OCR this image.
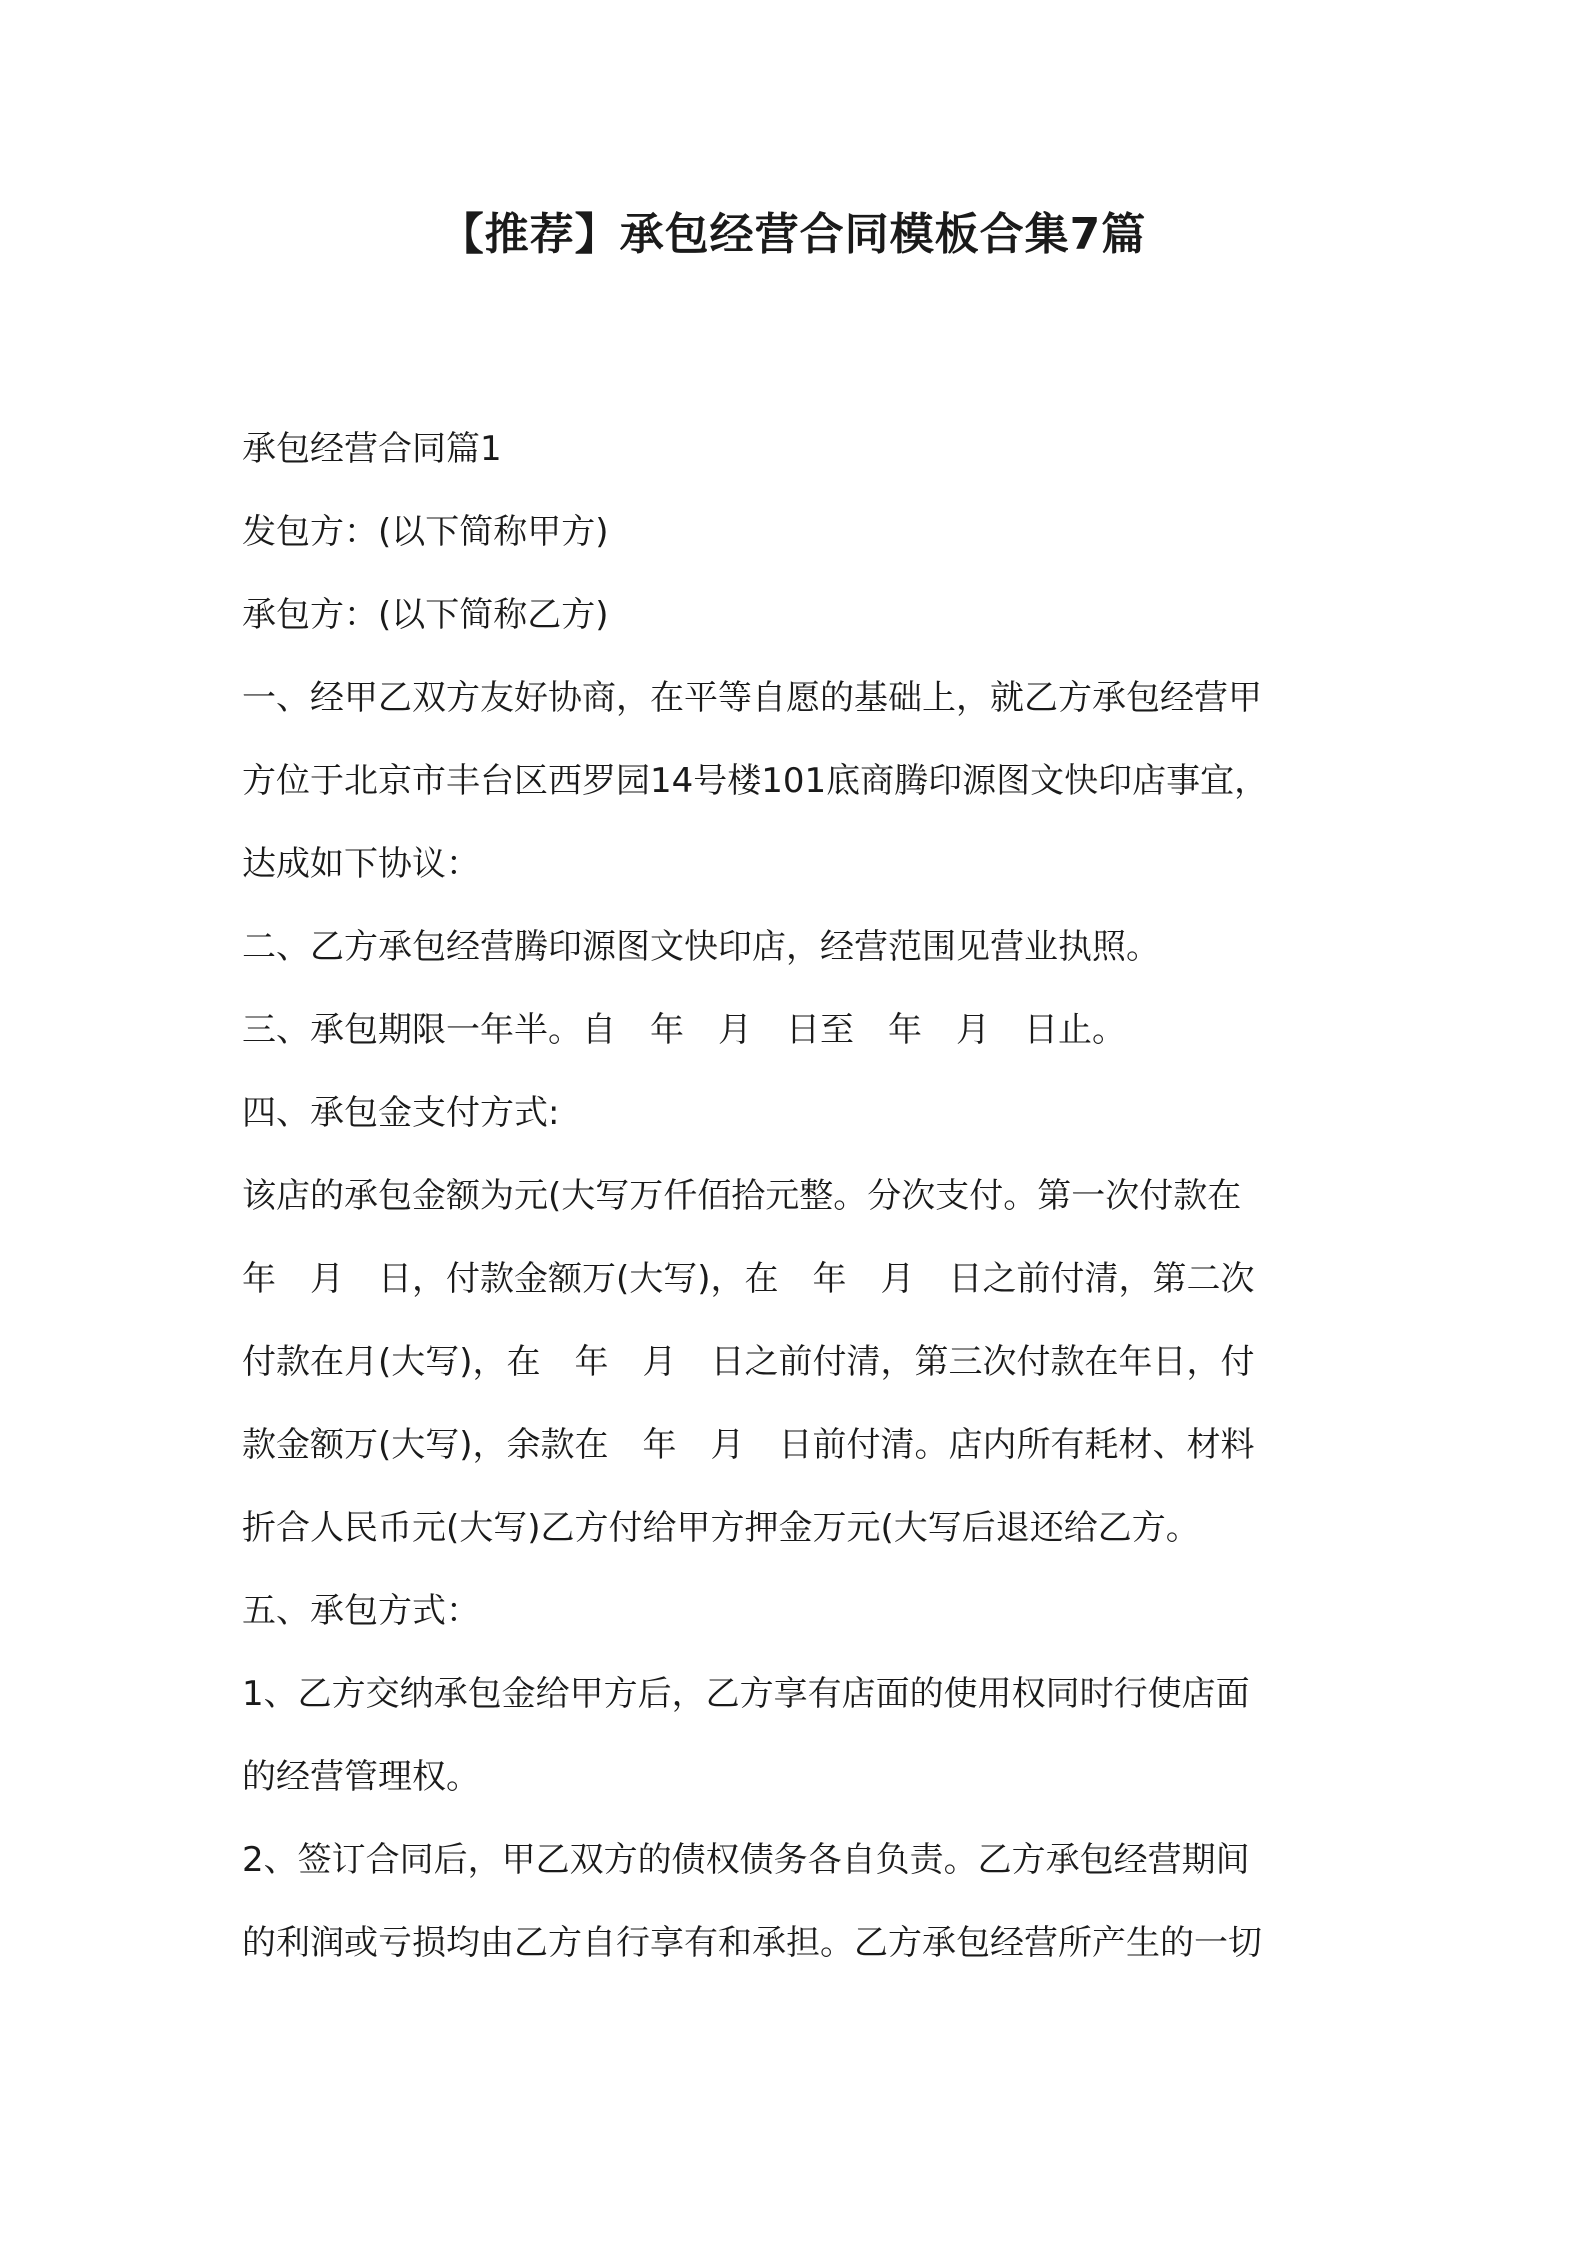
【推荐】承包经营合同模板合集7篇

承包经营合同篇1

发包方：(以下简称甲方)

承包方：(以下简称乙方)

一、经甲乙双方友好协商，在平等自愿的基础上，就乙方承包经营甲

方位于北京市丰台区西罗园14号楼101底商腾印源图文快印店事宜，

达成如下协议：

二、乙方承包经营腾印源图文快印店，经营范围见营业执照。

三、承包期限一年半。自　年　月　日至　年　月　日止。

四、承包金支付方式:

该店的承包金额为元(大写万仟佰拾元整。分次支付。第一次付款在

年　月　日，付款金额万(大写)，在　年　月　日之前付清，第二次

付款在月(大写)，在　年　月　日之前付清，第三次付款在年日，付

款金额万(大写)，余款在　年　月　日前付清。店内所有耗材、材料

折合人民币元(大写)乙方付给甲方押金万元(大写后退还给乙方。

五、承包方式：

1、乙方交纳承包金给甲方后，乙方享有店面的使用权同时行使店面

的经营管理权。

2、签订合同后，甲乙双方的债权债务各自负责。乙方承包经营期间

的利润或亏损均由乙方自行享有和承担。乙方承包经营所产生的一切
